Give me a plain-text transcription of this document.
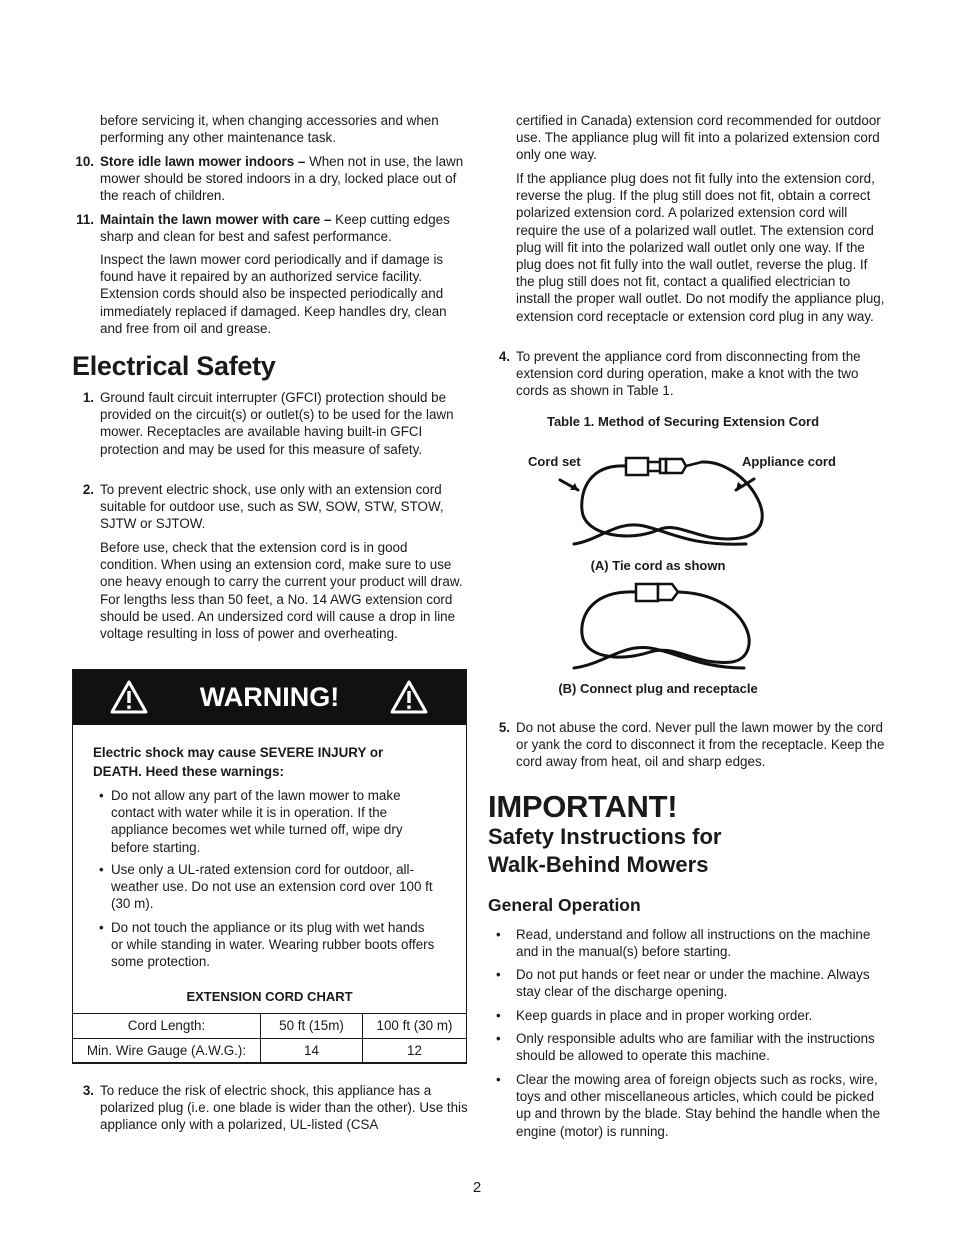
before servicing it, when changing accessories and when performing any other maintenance task.

10. Store idle lawn mower indoors – When not in use, the lawn mower should be stored indoors in a dry, locked place out of the reach of children.

11. Maintain the lawn mower with care – Keep cutting edges sharp and clean for best and safest performance.

Inspect the lawn mower cord periodically and if damage is found have it repaired by an authorized service facility. Extension cords should also be inspected periodically and immediately replaced if damaged. Keep handles dry, clean and free from oil and grease.

Electrical Safety
1. Ground fault circuit interrupter (GFCI) protection should be provided on the circuit(s) or outlet(s) to be used for the lawn mower. Receptacles are available having built-in GFCI protection and may be used for this measure of safety.

2. To prevent electric shock, use only with an extension cord suitable for outdoor use, such as SW, SOW, STW, STOW, SJTW or SJTOW.

Before use, check that the extension cord is in good condition. When using an extension cord, make sure to use one heavy enough to carry the current your product will draw. For lengths less than 50 feet, a No. 14 AWG extension cord should be used. An undersized cord will cause a drop in line voltage resulting in loss of power and overheating.

WARNING!

Electric shock may cause SEVERE INJURY or DEATH. Heed these warnings:

• Do not allow any part of the lawn mower to make contact with water while it is in operation. If the appliance becomes wet while turned off, wipe dry before starting.

• Use only a UL-rated extension cord for outdoor, all-weather use. Do not use an extension cord over 100 ft (30 m).

• Do not touch the appliance or its plug with wet hands or while standing in water. Wearing rubber boots offers some protection.

EXTENSION CORD CHART
Cord Length:	50 ft (15m)	100 ft (30 m)
Min. Wire Gauge (A.W.G.):	14	12
3. To reduce the risk of electric shock, this appliance has a polarized plug (i.e. one blade is wider than the other). Use this appliance only with a polarized, UL-listed (CSA

certified in Canada) extension cord recommended for outdoor use. The appliance plug will fit into a polarized extension cord only one way.

If the appliance plug does not fit fully into the extension cord, reverse the plug. If the plug still does not fit, obtain a correct polarized extension cord. A polarized extension cord will require the use of a polarized wall outlet. The extension cord plug will fit into the polarized wall outlet only one way. If the plug does not fit fully into the wall outlet, reverse the plug. If the plug still does not fit, contact a qualified electrician to install the proper wall outlet. Do not modify the appliance plug, extension cord receptacle or extension cord plug in any way.

4. To prevent the appliance cord from disconnecting from the extension cord during operation, make a knot with the two cords as shown in Table 1.

Table 1. Method of Securing Extension Cord
Cord set	Appliance cord
(A) Tie cord as shown
(B) Connect plug and receptacle
5. Do not abuse the cord. Never pull the lawn mower by the cord or yank the cord to disconnect it from the receptacle. Keep the cord away from heat, oil and sharp edges.

IMPORTANT!
Safety Instructions for
Walk-Behind Mowers
General Operation
• Read, understand and follow all instructions on the machine and in the manual(s) before starting.

• Do not put hands or feet near or under the machine. Always stay clear of the discharge opening.

• Keep guards in place and in proper working order.

• Only responsible adults who are familiar with the instructions should be allowed to operate this machine.

• Clear the mowing area of foreign objects such as rocks, wire, toys and other miscellaneous articles, which could be picked up and thrown by the blade. Stay behind the handle when the engine (motor) is running.

2
